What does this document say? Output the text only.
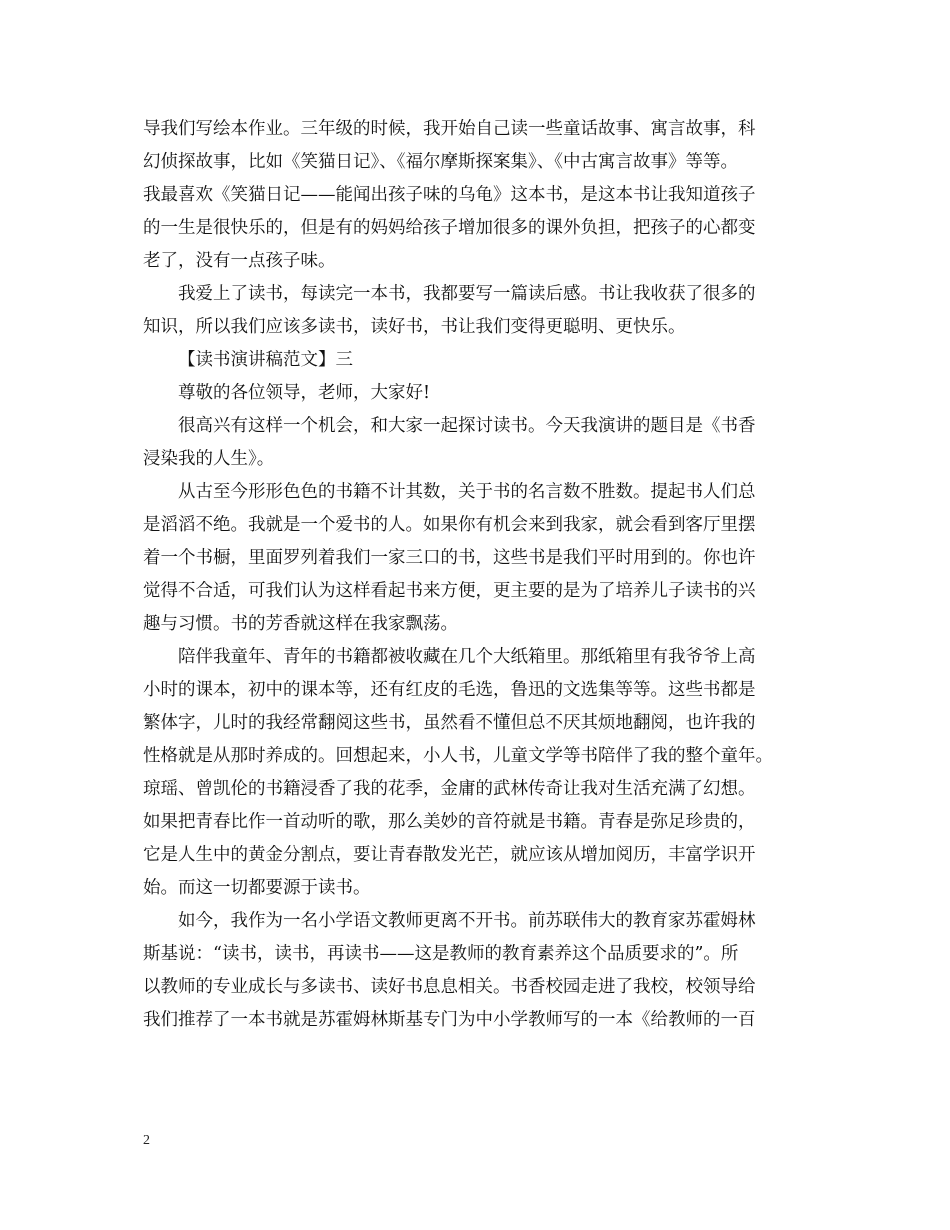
导我们写绘本作业。三年级的时候，我开始自己读一些童话故事、寓言故事，科
幻侦探故事，比如《笑猫日记》、《福尔摩斯探案集》、《中古寓言故事》等等。
我最喜欢《笑猫日记——能闻出孩子味的乌龟》这本书，是这本书让我知道孩子
的一生是很快乐的，但是有的妈妈给孩子增加很多的课外负担，把孩子的心都变
老了，没有一点孩子味。
我爱上了读书，每读完一本书，我都要写一篇读后感。书让我收获了很多的
知识，所以我们应该多读书，读好书，书让我们变得更聪明、更快乐。
【读书演讲稿范文】三
尊敬的各位领导，老师，大家好!
很高兴有这样一个机会，和大家一起探讨读书。今天我演讲的题目是《书香
浸染我的人生》。
从古至今形形色色的书籍不计其数，关于书的名言数不胜数。提起书人们总
是滔滔不绝。我就是一个爱书的人。如果你有机会来到我家，就会看到客厅里摆
着一个书橱，里面罗列着我们一家三口的书，这些书是我们平时用到的。你也许
觉得不合适，可我们认为这样看起书来方便，更主要的是为了培养儿子读书的兴
趣与习惯。书的芳香就这样在我家飘荡。
陪伴我童年、青年的书籍都被收藏在几个大纸箱里。那纸箱里有我爷爷上高
小时的课本，初中的课本等，还有红皮的毛选，鲁迅的文选集等等。这些书都是
繁体字，儿时的我经常翻阅这些书，虽然看不懂但总不厌其烦地翻阅，也许我的
性格就是从那时养成的。回想起来，小人书，儿童文学等书陪伴了我的整个童年。
琼瑶、曾凯伦的书籍浸香了我的花季，金庸的武林传奇让我对生活充满了幻想。
如果把青春比作一首动听的歌，那么美妙的音符就是书籍。青春是弥足珍贵的，
它是人生中的黄金分割点，要让青春散发光芒，就应该从增加阅历，丰富学识开
始。而这一切都要源于读书。
如今，我作为一名小学语文教师更离不开书。前苏联伟大的教育家苏霍姆林
斯基说：“读书，读书，再读书——这是教师的教育素养这个品质要求的”。所
以教师的专业成长与多读书、读好书息息相关。书香校园走进了我校，校领导给
我们推荐了一本书就是苏霍姆林斯基专门为中小学教师写的一本《给教师的一百
2
